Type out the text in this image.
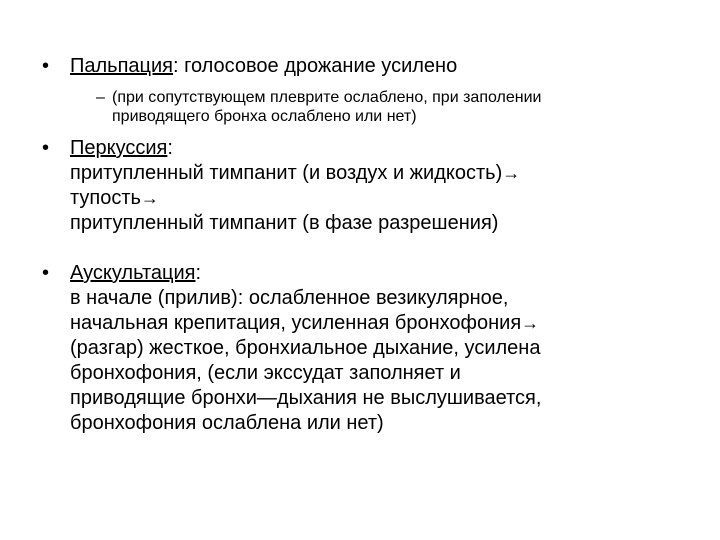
•	Пальпация: голосовое дрожание усилено
– (при сопутствующем плеврите ослаблено, при заполении
приводящего бронха ослаблено или нет)
•	Перкуссия:
притупленный тимпанит (и воздух и жидкость)→
тупость→
притупленный тимпанит (в фазе разрешения)
•	Аускультация:
в начале (прилив): ослабленное везикулярное,
начальная крепитация, усиленная бронхофония→
(разгар) жесткое, бронхиальное дыхание, усилена
бронхофония, (если экссудат заполняет и
приводящие бронхи—дыхания не выслушивается,
бронхофония ослаблена или нет)
